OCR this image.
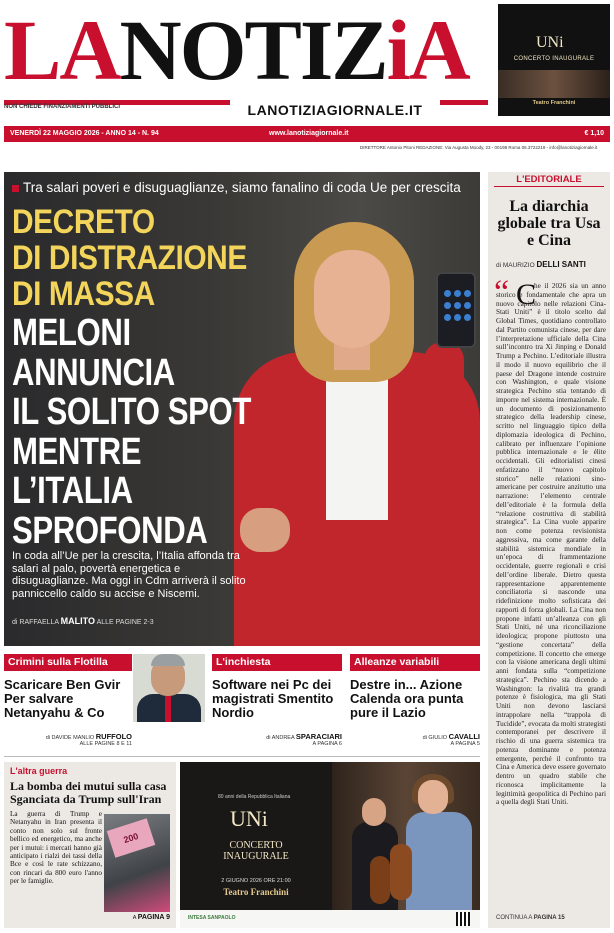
LANOTIZiA
NON CHIEDE FINANZIAMENTI PUBBLICI	LANOTIZIAGIORNALE.IT
UNi
CONCERTO INAUGURALE
Teatro Franchini
VENERDÌ 22 MAGGIO 2026 - ANNO 14 - N. 94	www.lanotiziagiornale.it	€ 1,10
DIRETTORE Antonio Pitoni REDAZIONE: Via Augusta Moody, 23 - 00198 Roma 06.3722219 - info@lanotiziagiornale.it
Tra salari poveri e disuguaglianze, siamo fanalino di coda Ue per crescita
DECRETO
DI DISTRAZIONE
DI MASSA
MELONI
ANNUNCIA
IL SOLITO SPOT
MENTRE
L’ITALIA
SPROFONDA
In coda all’Ue per la crescita, l’Italia affonda tra salari al palo, povertà energetica e disuguaglianze. Ma oggi in Cdm arriverà il solito panniccello caldo su accise e Niscemi.
di RAFFAELLA MALITO ALLE PAGINE 2-3
L'EDITORIALE
La diarchia globale tra Usa e Cina
di MAURIZIO DELLI SANTI
“ C
he il 2026 sia un anno storico e fondamentale che apra un nuovo capitolo nelle relazioni Cina-Stati Uniti” è il titolo scelto dal Global Times, quotidiano controllato dal Partito comunista cinese, per dare l’interpretazione ufficiale della Cina sull’incontro tra Xi Jinping e Donald Trump a Pechino. L’editoriale illustra il modo il nuovo equilibrio che il paese del Dragone intende costruire con Washington, e quale visione strategica Pechino stia tentando di imporre nel sistema internazionale. È un documento di posizionamento strategico della leadership cinese, scritto nel linguaggio tipico della diplomazia ideologica di Pechino, calibrato per influenzare l’opinione pubblica internazionale e le élite occidentali. Gli editorialisti cinesi enfatizzano il “nuovo capitolo storico” nelle relazioni sino-americane per costruire anzitutto una narrazione: l’elemento centrale dell’editoriale è la formula della “relazione costruttiva di stabilità strategica”. La Cina vuole apparire non come potenza revisionista aggressiva, ma come garante della stabilità sistemica mondiale in un’epoca di frammentazione occidentale, guerre regionali e crisi dell’ordine liberale. Dietro questa rappresentazione apparentemente conciliatoria si nasconde una ridefinizione molto sofisticata dei rapporti di forza globali. La Cina non propone infatti un’alleanza con gli Stati Uniti, né una riconciliazione ideologica; propone piuttosto una “gestione concertata” della competizione. Il concetto che emerge con la visione americana degli ultimi anni fondata sulla “competizione strategica”. Pechino sta dicendo a Washington: la rivalità tra grandi potenze è fisiologica, ma gli Stati Uniti non devono lasciarsi intrappolare nella “trappola di Tucidide”, evocata da molti strategisti contemporanei per descrivere il rischio di una guerra sistemica tra potenza dominante e potenza emergente, perché il confronto tra Cina e America deve essere governato dentro un quadro stabile che riconosca implicitamente la legittimità geopolitica di Pechino pari a quella degli Stati Uniti.
CONTINUA A PAGINA 15
Crimini sulla Flotilla
Scaricare Ben Gvir Per salvare Netanyahu & Co
di DAVIDE MANLIO RUFFOLO
ALLE PAGINE 8 E 11
L'inchiesta
Software nei Pc dei magistrati Smentito Nordio
di ANDREA SPARACIARI
A PAGINA 6
Alleanze variabili
Destre in... Azione Calenda ora punta pure il Lazio
di GIULIO CAVALLI
A PAGINA 5
L'altra guerra
La bomba dei mutui sulla casa Sganciata da Trump sull'Iran
La guerra di Trump e Netanyahu in Iran presenta il conto non solo sul fronte bellico ed energetico, ma anche per i mutui: i mercati hanno già anticipato i rialzi dei tassi della Bce e così le rate schizzano, con rincari da 800 euro l'anno per le famiglie.
200
A PAGINA 9
80 anni della Repubblica Italiana
UNi
CONCERTO INAUGURALE
2 GIUGNO 2026 ORE 21:00
Teatro Franchini
INTESA SANPAOLO
